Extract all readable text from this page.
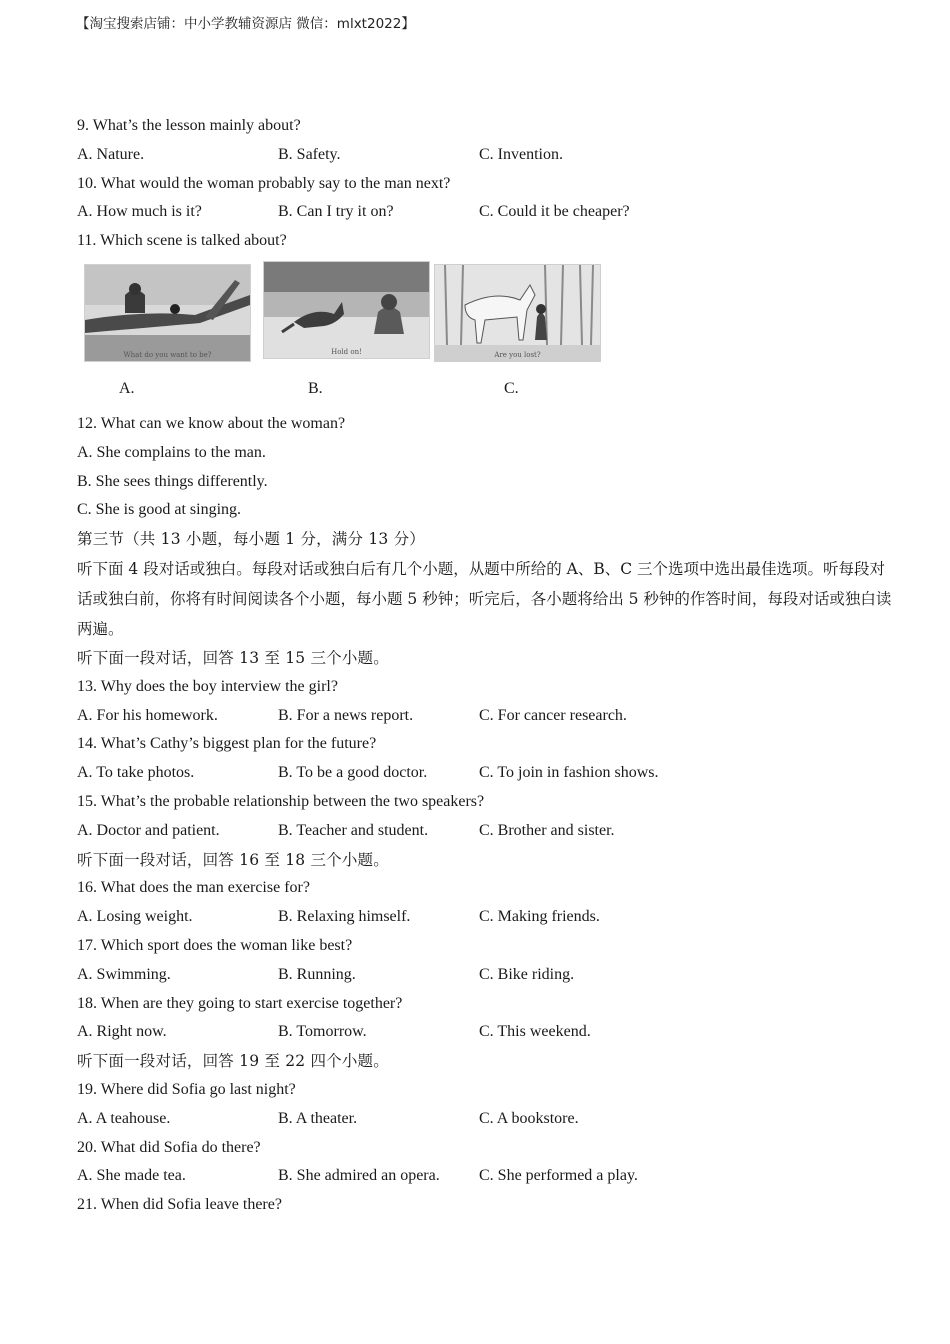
【淘宝搜索店铺：中小学教辅资源店 微信：mlxt2022】
9. What’s the lesson mainly about?
A. Nature.	B. Safety.	C. Invention.
10. What would the woman probably say to the man next?
A. How much is it?	B. Can I try it on?	C. Could it be cheaper?
11. Which scene is talked about?
What do you want to be?	Hold on!	Are you lost?
A.	B.	C.
12. What can we know about the woman?
A. She complains to the man.
B. She sees things differently.
C. She is good at singing.
第三节（共 13 小题，每小题 1 分，满分 13 分）
听下面 4 段对话或独白。每段对话或独白后有几个小题，从题中所给的 A、B、C 三个选项中选出最佳选项。听每段对话或独白前，你将有时间阅读各个小题，每小题 5 秒钟；听完后，各小题将给出 5 秒钟的作答时间，每段对话或独白读两遍。
听下面一段对话，回答 13 至 15 三个小题。
13. Why does the boy interview the girl?
A. For his homework.	B. For a news report.	C. For cancer research.
14. What’s Cathy’s biggest plan for the future?
A. To take photos.	B. To be a good doctor.	C. To join in fashion shows.
15. What’s the probable relationship between the two speakers?
A. Doctor and patient.	B. Teacher and student.	C. Brother and sister.
听下面一段对话，回答 16 至 18 三个小题。
16. What does the man exercise for?
A. Losing weight.	B. Relaxing himself.	C. Making friends.
17. Which sport does the woman like best?
A. Swimming.	B. Running.	C. Bike riding.
18. When are they going to start exercise together?
A. Right now.	B. Tomorrow.	C. This weekend.
听下面一段对话，回答 19 至 22 四个小题。
19. Where did Sofia go last night?
A. A teahouse.	B. A theater.	C. A bookstore.
20. What did Sofia do there?
A. She made tea.	B. She admired an opera. C. She performed a play.
21. When did Sofia leave there?
